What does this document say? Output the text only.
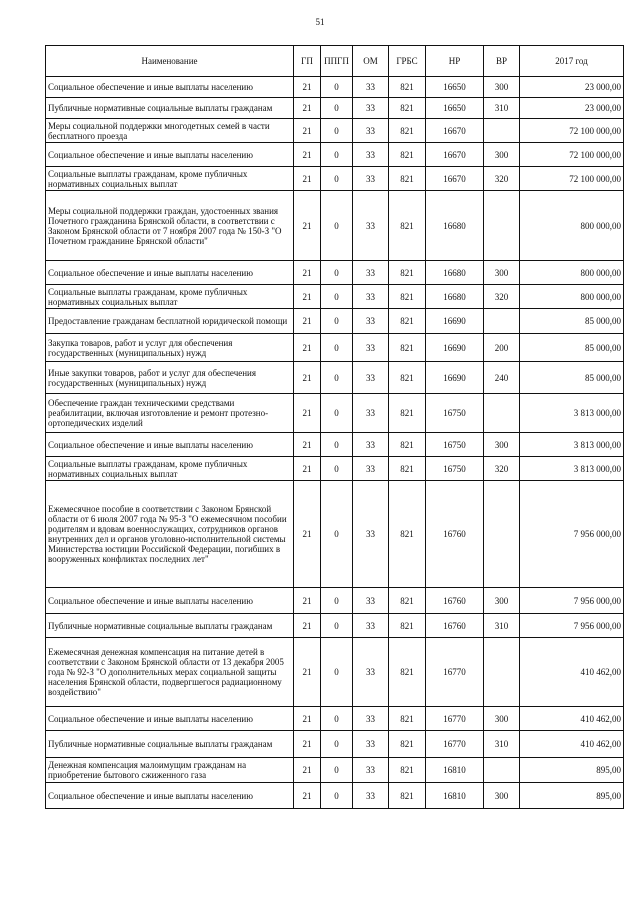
51
Наименование	ГП	ППГП	ОМ	ГРБС	НР	ВР	2017 год
Социальное обеспечение и иные выплаты населению	21	0	33	821	16650	300	23 000,00
Публичные нормативные социальные выплаты гражданам	21	0	33	821	16650	310	23 000,00
Меры социальной поддержки многодетных семей в части бесплатного проезда	21	0	33	821	16670		72 100 000,00
Социальное обеспечение и иные выплаты населению	21	0	33	821	16670	300	72 100 000,00
Социальные выплаты гражданам, кроме публичных нормативных социальных выплат	21	0	33	821	16670	320	72 100 000,00
Меры социальной поддержки граждан, удостоенных звания Почетного гражданина Брянской области, в соответствии с Законом Брянской области от 7 ноября 2007 года № 150-З "О Почетном гражданине Брянской области"	21	0	33	821	16680		800 000,00
Социальное обеспечение и иные выплаты населению	21	0	33	821	16680	300	800 000,00
Социальные выплаты гражданам, кроме публичных нормативных социальных выплат	21	0	33	821	16680	320	800 000,00
Предоставление гражданам бесплатной юридической помощи	21	0	33	821	16690		85 000,00
Закупка товаров, работ и услуг для обеспечения государственных (муниципальных) нужд	21	0	33	821	16690	200	85 000,00
Иные закупки товаров, работ и услуг для обеспечения государственных (муниципальных) нужд	21	0	33	821	16690	240	85 000,00
Обеспечение граждан техническими средствами реабилитации, включая изготовление и ремонт протезно-ортопедических изделий	21	0	33	821	16750		3 813 000,00
Социальное обеспечение и иные выплаты населению	21	0	33	821	16750	300	3 813 000,00
Социальные выплаты гражданам, кроме публичных нормативных социальных выплат	21	0	33	821	16750	320	3 813 000,00
Ежемесячное пособие в соответствии с Законом Брянской области от 6 июля 2007 года № 95-З "О ежемесячном пособии родителям и вдовам военнослужащих, сотрудников органов внутренних дел и органов уголовно-исполнительной системы Министерства юстиции Российской Федерации, погибших в вооруженных конфликтах последних лет"	21	0	33	821	16760		7 956 000,00
Социальное обеспечение и иные выплаты населению	21	0	33	821	16760	300	7 956 000,00
Публичные нормативные социальные выплаты гражданам	21	0	33	821	16760	310	7 956 000,00
Ежемесячная денежная компенсация на питание детей в соответствии с Законом Брянской области от 13 декабря 2005 года № 92-З "О дополнительных мерах социальной защиты населения Брянской области, подвергшегося радиационному воздействию"	21	0	33	821	16770		410 462,00
Социальное обеспечение и иные выплаты населению	21	0	33	821	16770	300	410 462,00
Публичные нормативные социальные выплаты гражданам	21	0	33	821	16770	310	410 462,00
Денежная компенсация малоимущим гражданам на приобретение бытового сжиженного газа	21	0	33	821	16810		895,00
Социальное обеспечение и иные выплаты населению	21	0	33	821	16810	300	895,00
